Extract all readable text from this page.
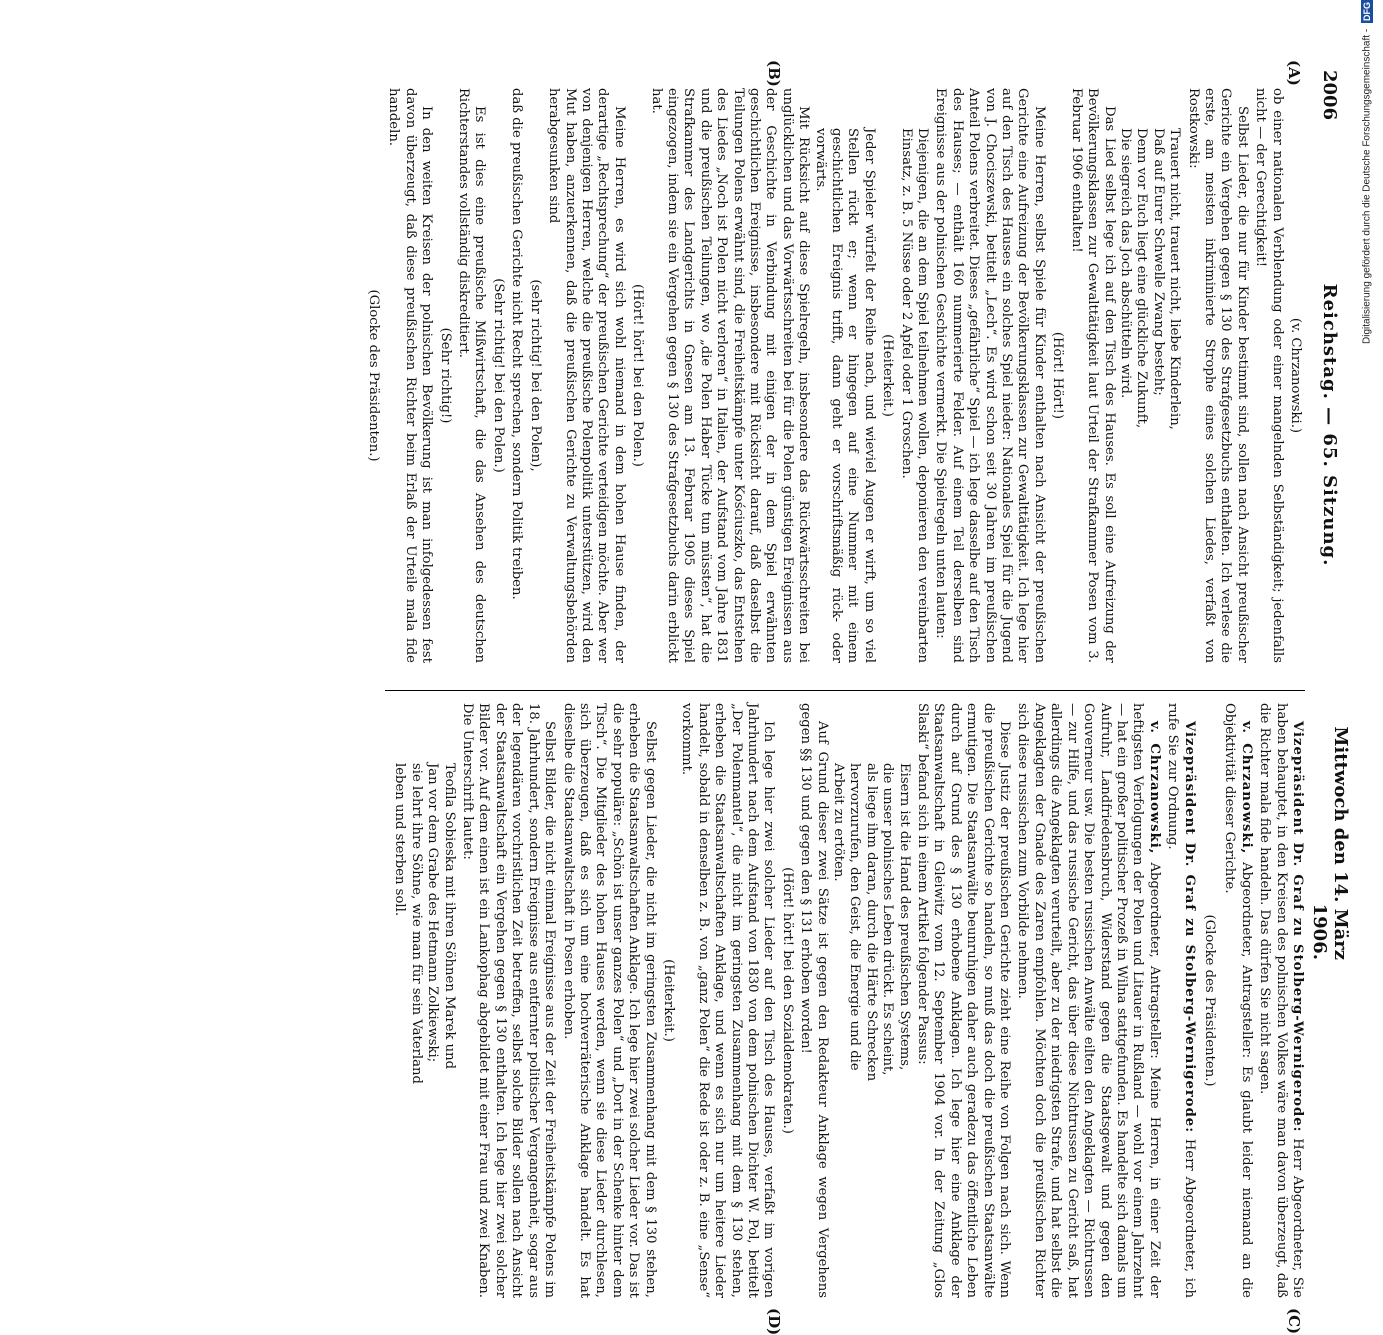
2006
Reichstag. — 65. Sitzung.
Mittwoch den 14. März 1906.
(A)
(B)
(C)
(D)

(v. Chrzanowski.)

ob einer nationalen Verblendung oder einer mangelnden Selbständigkeit; jedenfalls nicht — der Gerechtigkeit!

Selbst Lieder, die nur für Kinder bestimmt sind, sollen nach Ansicht preußischer Gerichte ein Vergehen gegen § 130 des Strafgesetzbuchs enthalten. Ich verlese die erste, am meisten inkriminierte Strophe eines solchen Liedes, verfaßt von Rostkowski:

Trauert nicht, trauert nicht, liebe Kinderlein,

Daß auf Eurer Schwelle Zwang besteht;

Denn vor Euch liegt eine glückliche Zukunft,

Die siegreich das Joch abschütteln wird.

Das Lied selbst lege ich auf den Tisch des Hauses. Es soll eine Aufreizung der Bevölkerungsklassen zur Gewalttätigkeit laut Urteil der Strafkammer Posen vom 3. Februar 1906 enthalten!

(Hört! Hört!)

Meine Herren, selbst Spiele für Kinder enthalten nach Ansicht der preußischen Gerichte eine Aufreizung der Bevölkerungsklassen zur Gewalttätigkeit. Ich lege hier auf den Tisch des Hauses ein solches Spiel nieder: Nationales Spiel für die Jugend von J. Chociszewski, betitelt „Lech“. Es wird schon seit 30 Jahren im preußischen Anteil Polens verbreitet. Dieses „gefährliche“ Spiel — ich lege dasselbe auf den Tisch des Hauses; — enthält 160 nummerierte Felder. Auf einem Teil derselben sind Ereignisse aus der polnischen Geschichte vermerkt. Die Spielregeln unten lauten:

Diejenigen, die an dem Spiel teilnehmen wollen, deponieren den vereinbarten Einsatz, z. B. 5 Nüsse oder 2 Apfel oder 1 Groschen.

(Heiterkeit.)

Jeder Spieler würfelt der Reihe nach, und wieviel Augen er wirft, um so viel Stellen rückt er; wenn er hingegen auf eine Nummer mit einem geschichtlichen Ereignis trifft, dann geht er vorschriftsmäßig rück- oder vorwärts.

Mit Rücksicht auf diese Spielregeln, insbesondere das Rückwärtsschreiten bei unglücklichen und das Vorwärtsschreiten bei für die Polen günstigen Ereignissen aus der Geschichte in Verbindung mit einigen der in dem Spiel erwähnten geschichtlichen Ereignisse, insbesondere mit Rücksicht darauf, daß daselbst die Teilungen Polens erwähnt sind, die Freiheitskämpfe unter Kościuszko, das Entstehen des Liedes „Noch ist Polen nicht verloren“ in Italien, der Aufstand vom Jahre 1831 und die preußischen Teilungen, wo „die Polen Haber Tücke tun müssten“, hat die Strafkammer des Landgerichts in Gnesen am 13. Februar 1905 dieses Spiel eingezogen, indem sie ein Vergehen gegen § 130 des Strafgesetzbuchs darin erblickt hat.

(Hört! hört! bei den Polen.)

Meine Herren, es wird sich wohl niemand in dem hohen Hause finden, der derartige „Rechtsprechung“ der preußischen Gerichte verteidigen möchte. Aber wer von denjenigen Herren, welche die preußische Polenpolitik unterstützen, wird den Mut haben, anzuerkennen, daß die preußischen Gerichte zu Verwaltungsbehörden herabgesunken sind

(sehr richtig! bei den Polen),

daß die preußischen Gerichte nicht Recht sprechen, sondern Politik treiben.

(Sehr richtig! bei den Polen.)

Es ist dies eine preußische Mißwirtschaft, die das Ansehen des deutschen Richterstandes vollständig diskreditiert.

(Sehr richtig!)

In den weiten Kreisen der polnischen Bevölkerung ist man infolgedessen fest davon überzeugt, daß diese preußischen Richter beim Erlaß der Urteile mala fide handeln.

(Glocke des Präsidenten.)

Vizepräsident Dr. Graf zu Stolberg-Wernigerode: Herr Abgeordneter, Sie haben behauptet, in den Kreisen des polnischen Volkes wäre man davon überzeugt, daß die Richter mala fide handeln. Das dürfen Sie nicht sagen.

v. Chrzanowski, Abgeordneter, Antragsteller: Es glaubt leider niemand an die Objektivität dieser Gerichte.

(Glocke des Präsidenten.)

Vizepräsident Dr. Graf zu Stolberg-Wernigerode: Herr Abgeordneter, ich rufe Sie zur Ordnung.

v. Chrzanowski, Abgeordneter, Antragsteller: Meine Herren, in einer Zeit der heftigsten Verfolgungen der Polen und Litauer in Rußland — wohl vor einem Jahrzehnt — hat ein großer politischer Prozeß in Wilna stattgefunden. Es handelte sich damals um Aufruhr, Landfriedensbruch, Widerstand gegen die Staatsgewalt und gegen den Gouverneur usw. Die besten russischen Anwälte eilten den Angeklagten — Richtrussen — zur Hilfe, und das russische Gericht, das über diese Nichtrussen zu Gericht saß, hat allerdings die Angeklagten verurteilt, aber zu der niedrigsten Strafe, und hat selbst die Angeklagten der Gnade des Zaren empfohlen. Möchten doch die preußischen Richter sich diese russischen zum Vorbilde nehmen.

Diese Justiz der preußischen Gerichte zieht eine Reihe von Folgen nach sich. Wenn die preußischen Gerichte so handeln, so muß das doch die preußischen Staatsanwälte ermutigen. Die Staatsanwälte beunruhigen daher auch geradezu das öffentliche Leben durch auf Grund des § 130 erhobene Anklagen. Ich lege hier eine Anklage der Staatsanwaltschaft in Gleiwitz vom 12. September 1904 vor. In der Zeitung „Glos Slaski“ befand sich in einem Artikel folgender Passus:

Eisern ist die Hand des preußischen Systems,

die unser polnisches Leben drückt. Es scheint,

als liege ihm daran, durch die Härte Schrecken

hervorzurufen, den Geist, die Energie und die

Arbeit zu ertöten.

Auf Grund dieser zwei Sätze ist gegen den Redakteur Anklage wegen Vergehens gegen §§ 130 und gegen den § 131 erhoben worden!

(Hört! hört! bei den Sozialdemokraten.)

Ich lege hier zwei solcher Lieder auf den Tisch des Hauses, verfaßt im vorigen Jahrhundert nach dem Aufstand von 1830 von dem polnischen Dichter W. Pol, betitelt „Der Polenmantel“, die nicht im geringsten Zusammenhang mit dem § 130 stehen, erheben die Staatsanwaltschaften Anklage, und wenn es sich nur um heitere Lieder handelt, sobald in denselben z. B. von „ganz Polen“ die Rede ist oder z. B. eine „Sense“ vorkommt.

(Heiterkeit.)

Selbst gegen Lieder, die nicht im geringsten Zusammenhang mit dem § 130 stehen, erheben die Staatsanwaltschaften Anklage. Ich lege hier zwei solcher Lieder vor. Das ist die sehr populäre: „Schön ist unser ganzes Polen“ und „Dort in der Schenke hinter dem Tisch“. Die Mitglieder des hohen Hauses werden, wenn sie diese Lieder durchlesen, sich überzeugen, daß es sich um eine hochverräterische Anklage handelt. Es hat dieselbe die Staatsanwaltschaft in Posen erhoben.

Selbst Bilder, die nicht einmal Ereignisse aus der Zeit der Freiheitskämpfe Polens im 18. Jahrhundert, sondern Ereignisse aus entfernter politischer Vergangenheit, sogar aus der legendären vorchristlichen Zeit betreffen, selbst solche Bilder sollen nach Ansicht der Staatsanwaltschaft ein Vergehen gegen § 130 enthalten. Ich lege hier zwei solcher Bilder vor. Auf dem einen ist ein Lankophag abgebildet mit einer Frau und zwei Knaben. Die Unterschrift lautet:

Teofila Sobieska mit ihren Söhnen Marek und

Jan vor dem Grabe des Hetmann Zolkiewski;

sie lehrt ihre Söhne, wie man für sein Vaterland

leben und sterben soll.

Digitalisierung gefördert durch die Deutsche Forschungsgemeinschaft -
DFG
